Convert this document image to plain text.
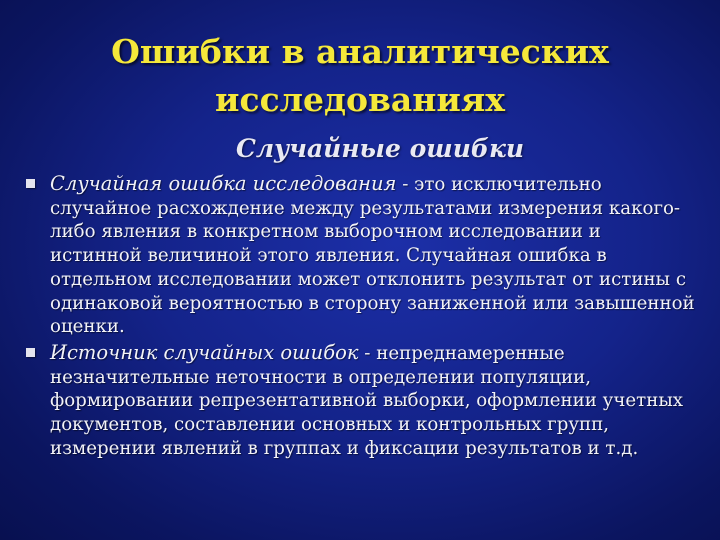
Ошибки в аналитических
исследованиях
Случайные ошибки
Случайная ошибка исследования - это исключительно случайное расхождение между результатами измерения какого-либо явления в конкретном выборочном исследовании и истинной величиной этого явления. Случайная ошибка в отдельном исследовании может отклонить результат от истины с одинаковой вероятностью в сторону заниженной или завышенной оценки.
Источник случайных ошибок - непреднамеренные незначительные неточности в определении популяции, формировании репрезентативной выборки, оформлении учетных документов, составлении основных и контрольных групп, измерении явлений в группах и фиксации результатов и т.д.
